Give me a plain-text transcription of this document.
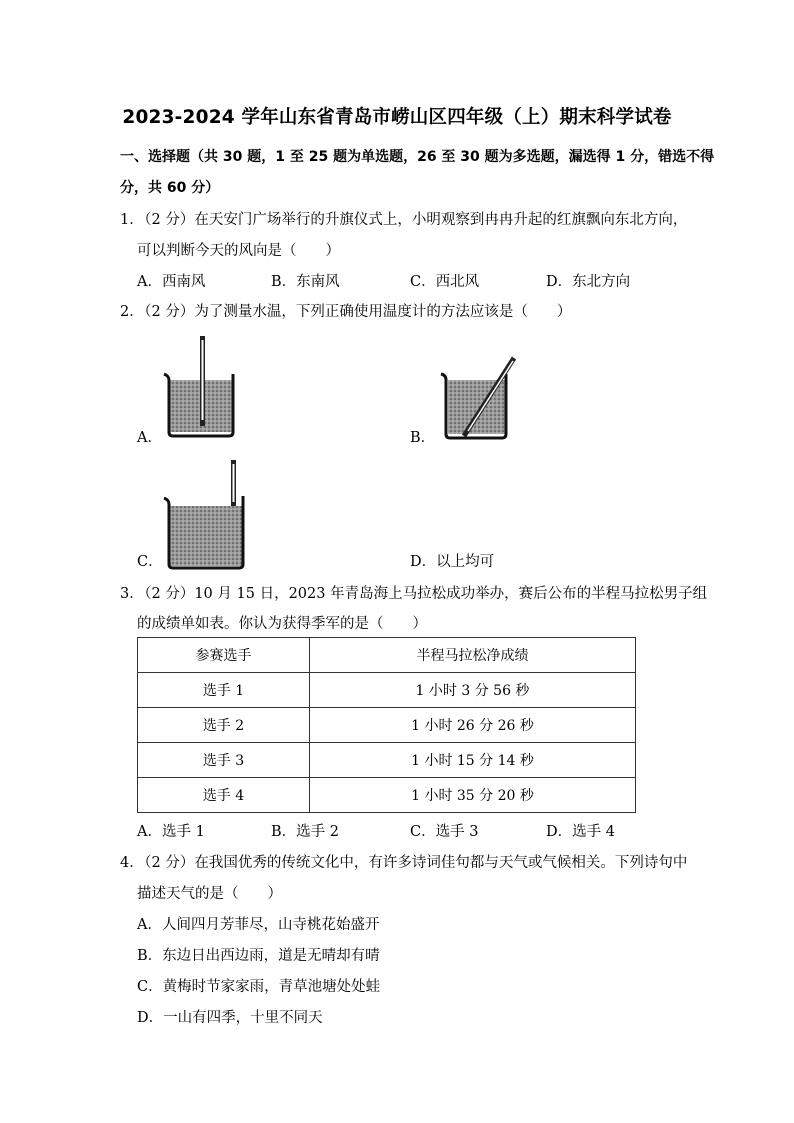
2023-2024 学年山东省青岛市崂山区四年级（上）期末科学试卷
一、选择题（共 30 题，1 至 25 题为单选题，26 至 30 题为多选题，漏选得 1 分，错选不得
分，共 60 分）
1．
（2 分）在天安门广场举行的升旗仪式上，小明观察到冉冉升起的红旗飘向东北方向，
可以判断今天的风向是（　　）
A．西南风	B．东南风	C．西北风	D．东北方向
2．
（2 分）为了测量水温，下列正确使用温度计的方法应该是（　　）
A．	B．
C．	D．以上均可
3．
（2 分）10 月 15 日，2023 年青岛海上马拉松成功举办，赛后公布的半程马拉松男子组
的成绩单如表。你认为获得季军的是（　　）
参赛选手	半程马拉松净成绩
选手 1	1 小时 3 分 56 秒
选手 2	1 小时 26 分 26 秒
选手 3	1 小时 15 分 14 秒
选手 4	1 小时 35 分 20 秒
A．选手 1	B．选手 2	C．选手 3	D．选手 4
4．
（2 分）在我国优秀的传统文化中，有许多诗词佳句都与天气或气候相关。下列诗句中
描述天气的是（　　）
A．人间四月芳菲尽，山寺桃花始盛开
B．东边日出西边雨，道是无晴却有晴
C．黄梅时节家家雨，青草池塘处处蛙
D．一山有四季，十里不同天
